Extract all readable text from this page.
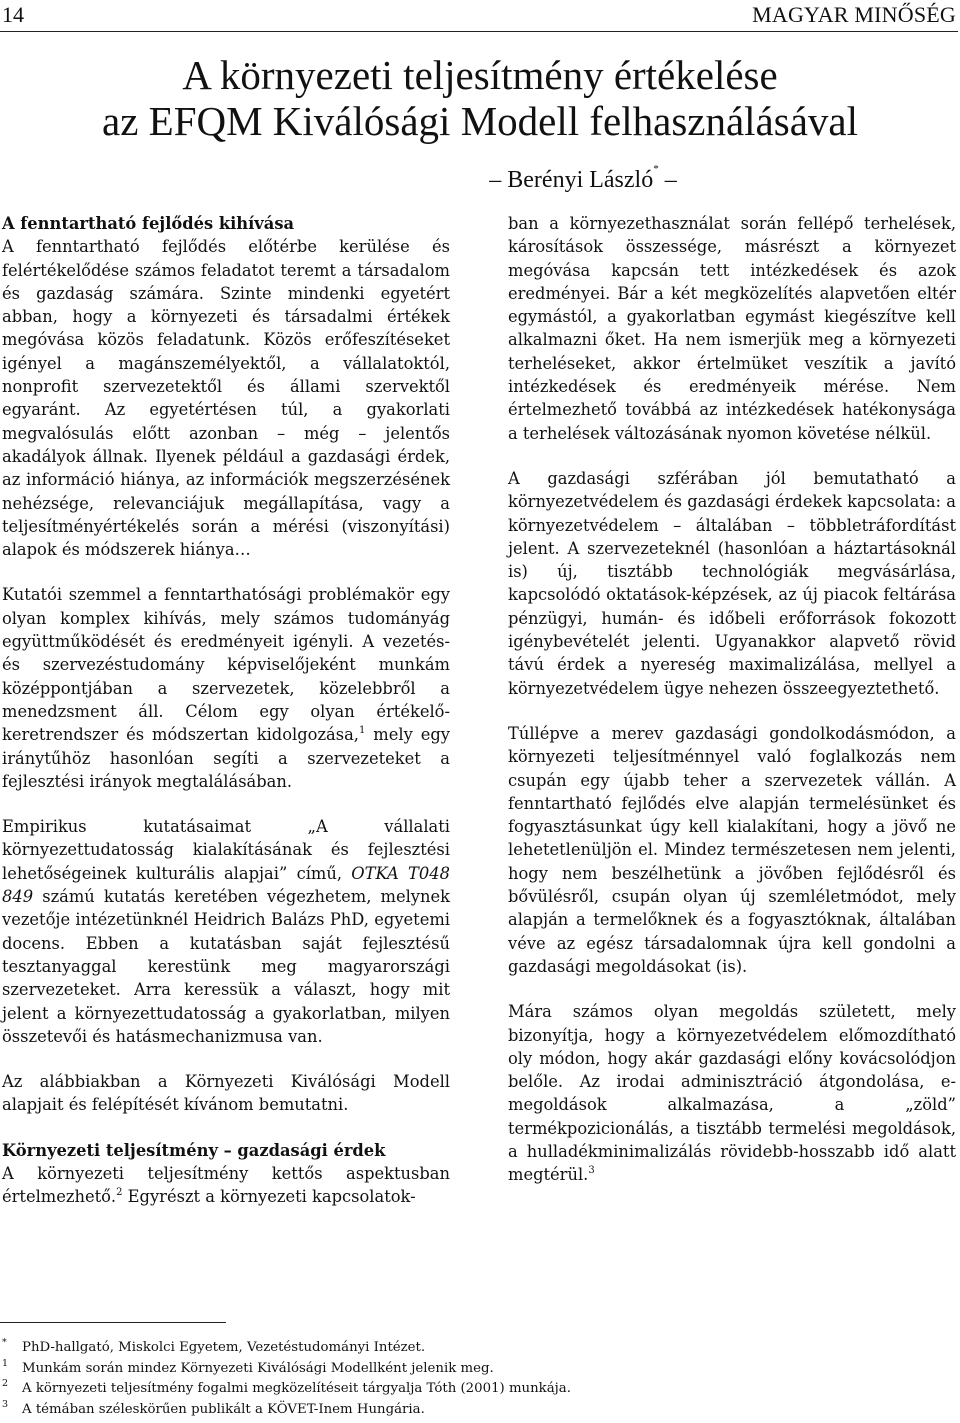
14	MAGYAR MINŐSÉG
A környezeti teljesítmény értékelése
az EFQM Kiválósági Modell felhasználásával
– Berényi László* –
A fenntartható fejlődés kihívása

A fenntartható fejlődés előtérbe kerülése és felértékelődése számos feladatot teremt a társadalom és gazdaság számára. Szinte mindenki egyetért abban, hogy a környezeti és társadalmi értékek megóvása közös feladatunk. Közös erőfeszítéseket igényel a magánszemélyektől, a vállalatoktól, nonprofit szervezetektől és állami szervektől egyaránt. Az egyetértésen túl, a gyakorlati megvalósulás előtt azonban – még – jelentős akadályok állnak. Ilyenek például a gazdasági érdek, az információ hiánya, az információk megszerzésének nehézsége, relevanciájuk megállapítása, vagy a teljesítményértékelés során a mérési (viszonyítási) alapok és módszerek hiánya…

Kutatói szemmel a fenntarthatósági problémakör egy olyan komplex kihívás, mely számos tudományág együttműködését és eredményeit igényli. A vezetés- és szervezéstudomány képviselőjeként munkám középpontjában a szervezetek, közelebbről a menedzsment áll. Célom egy olyan értékelő-keretrendszer és módszertan kidolgozása,$^1$ mely egy iránytűhöz hasonlóan segíti a szervezeteket a fejlesztési irányok megtalálásában.

Empirikus kutatásaimat „A vállalati környezettudatosság kialakításának és fejlesztési lehetőségeinek kulturális alapjai” című, OTKA T048 849 számú kutatás keretében végezhetem, melynek vezetője intézetünknél Heidrich Balázs PhD, egyetemi docens. Ebben a kutatásban saját fejlesztésű tesztanyaggal kerestünk meg magyarországi szervezeteket. Arra keressük a választ, hogy mit jelent a környezettudatosság a gyakorlatban, milyen összetevői és hatásmechanizmusa van.

Az alábbiakban a Környezeti Kiválósági Modell alapjait és felépítését kívánom bemutatni.

Környezeti teljesítmény – gazdasági érdek

A környezeti teljesítmény kettős aspektusban értelmezhető.$^2$ Egyrészt a környezeti kapcsolatok-

ban a környezethasználat során fellépő terhelések, károsítások összessége, másrészt a környezet megóvása kapcsán tett intézkedések és azok eredményei. Bár a két megközelítés alapvetően eltér egymástól, a gyakorlatban egymást kiegészítve kell alkalmazni őket. Ha nem ismerjük meg a környezeti terheléseket, akkor értelmüket veszítik a javító intézkedések és eredményeik mérése. Nem értelmezhető továbbá az intézkedések hatékonysága a terhelések változásának nyomon követése nélkül.

A gazdasági szférában jól bemutatható a környezetvédelem és gazdasági érdekek kapcsolata: a környezetvédelem – általában – többletráfordítást jelent. A szervezeteknél (hasonlóan a háztartásoknál is) új, tisztább technológiák megvásárlása, kapcsolódó oktatások-képzések, az új piacok feltárása pénzügyi, humán- és időbeli erőforrások fokozott igénybevételét jelenti. Ugyanakkor alapvető rövid távú érdek a nyereség maximalizálása, mellyel a környezetvédelem ügye nehezen összeegyeztethető.

Túllépve a merev gazdasági gondolkodásmódon, a környezeti teljesítménnyel való foglalkozás nem csupán egy újabb teher a szervezetek vállán. A fenntartható fejlődés elve alapján termelésünket és fogyasztásunkat úgy kell kialakítani, hogy a jövő ne lehetetlenüljön el. Mindez természetesen nem jelenti, hogy nem beszélhetünk a jövőben fejlődésről és bővülésről, csupán olyan új szemléletmódot, mely alapján a termelőknek és a fogyasztóknak, általában véve az egész társadalomnak újra kell gondolni a gazdasági megoldásokat (is).

Mára számos olyan megoldás született, mely bizonyítja, hogy a környezetvédelem előmozdítható oly módon, hogy akár gazdasági előny kovácsolódjon belőle. Az irodai adminisztráció átgondolása, e-megoldások alkalmazása, a „zöld” termékpozicionálás, a tisztább termelési megoldások, a hulladékminimalizálás rövidebb-hosszabb idő alatt megtérül.$^3$

* PhD-hallgató, Miskolci Egyetem, Vezetéstudományi Intézet.
1 Munkám során mindez Környezeti Kiválósági Modellként jelenik meg.
2 A környezeti teljesítmény fogalmi megközelítéseit tárgyalja Tóth (2001) munkája.
3 A témában széleskörűen publikált a KÖVET-Inem Hungária.
